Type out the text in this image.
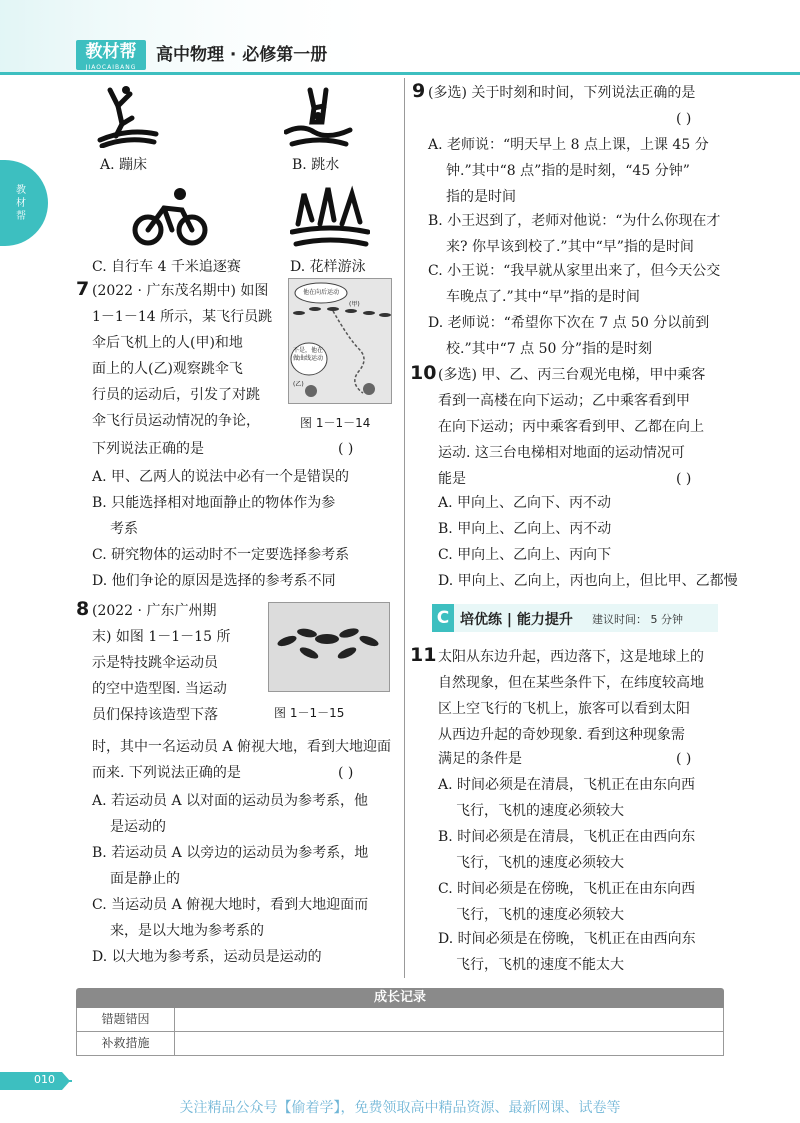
教材帮
JIAOCAIBANG
高中物理 · 必修第一册
教材帮
A. 蹦床	B. 跳水
C. 自行车 4 千米追逐赛	D. 花样游泳
7 (2022 · 广东茂名期中) 如图
1－1－14 所示，某飞行员跳
伞后飞机上的人(甲)和地
面上的人(乙)观察跳伞飞
行员的运动后，引发了对跳
伞飞行员运动情况的争论，
下列说法正确的是	( )
他在向后运动
不是，他在做曲线运动
(甲)
(乙)
图 1－1－14
A. 甲、乙两人的说法中必有一个是错误的
B. 只能选择相对地面静止的物体作为参
考系
C. 研究物体的运动时不一定要选择参考系
D. 他们争论的原因是选择的参考系不同
8 (2022 · 广东广州期
末) 如图 1－1－15 所
示是特技跳伞运动员
的空中造型图. 当运动
员们保持该造型下落
时，其中一名运动员 A 俯视大地，看到大地迎面
而来. 下列说法正确的是	( )
图 1－1－15
A. 若运动员 A 以对面的运动员为参考系，他
是运动的
B. 若运动员 A 以旁边的运动员为参考系，地
面是静止的
C. 当运动员 A 俯视大地时，看到大地迎面而
来，是以大地为参考系的
D. 以大地为参考系，运动员是运动的
9 (多选) 关于时刻和时间，下列说法正确的是
( )
A. 老师说：“明天早上 8 点上课，上课 45 分
钟.”其中“8 点”指的是时刻，“45 分钟”
指的是时间
B. 小王迟到了，老师对他说：“为什么你现在才
来? 你早该到校了.”其中“早”指的是时间
C. 小王说：“我早就从家里出来了，但今天公交
车晚点了.”其中“早”指的是时间
D. 老师说：“希望你下次在 7 点 50 分以前到
校.”其中“7 点 50 分”指的是时刻
10 (多选) 甲、乙、丙三台观光电梯，甲中乘客
看到一高楼在向下运动；乙中乘客看到甲
在向下运动；丙中乘客看到甲、乙都在向上
运动. 这三台电梯相对地面的运动情况可
能是	( )
A. 甲向上、乙向下、丙不动
B. 甲向上、乙向上、丙不动
C. 甲向上、乙向上、丙向下
D. 甲向上、乙向上，丙也向上，但比甲、乙都慢
C 培优练 | 能力提升 建议时间： 5 分钟
11 太阳从东边升起，西边落下，这是地球上的
自然现象，但在某些条件下，在纬度较高地
区上空飞行的飞机上，旅客可以看到太阳
从西边升起的奇妙现象. 看到这种现象需
满足的条件是	( )
A. 时间必须是在清晨，飞机正在由东向西
飞行，飞机的速度必须较大
B. 时间必须是在清晨，飞机正在由西向东
飞行，飞机的速度必须较大
C. 时间必须是在傍晚，飞机正在由东向西
飞行，飞机的速度必须较大
D. 时间必须是在傍晚，飞机正在由西向东
飞行，飞机的速度不能太大
成长记录
错题错因
补救措施
010
关注精品公众号【偷着学】，免费领取高中精品资源、最新网课、试卷等
